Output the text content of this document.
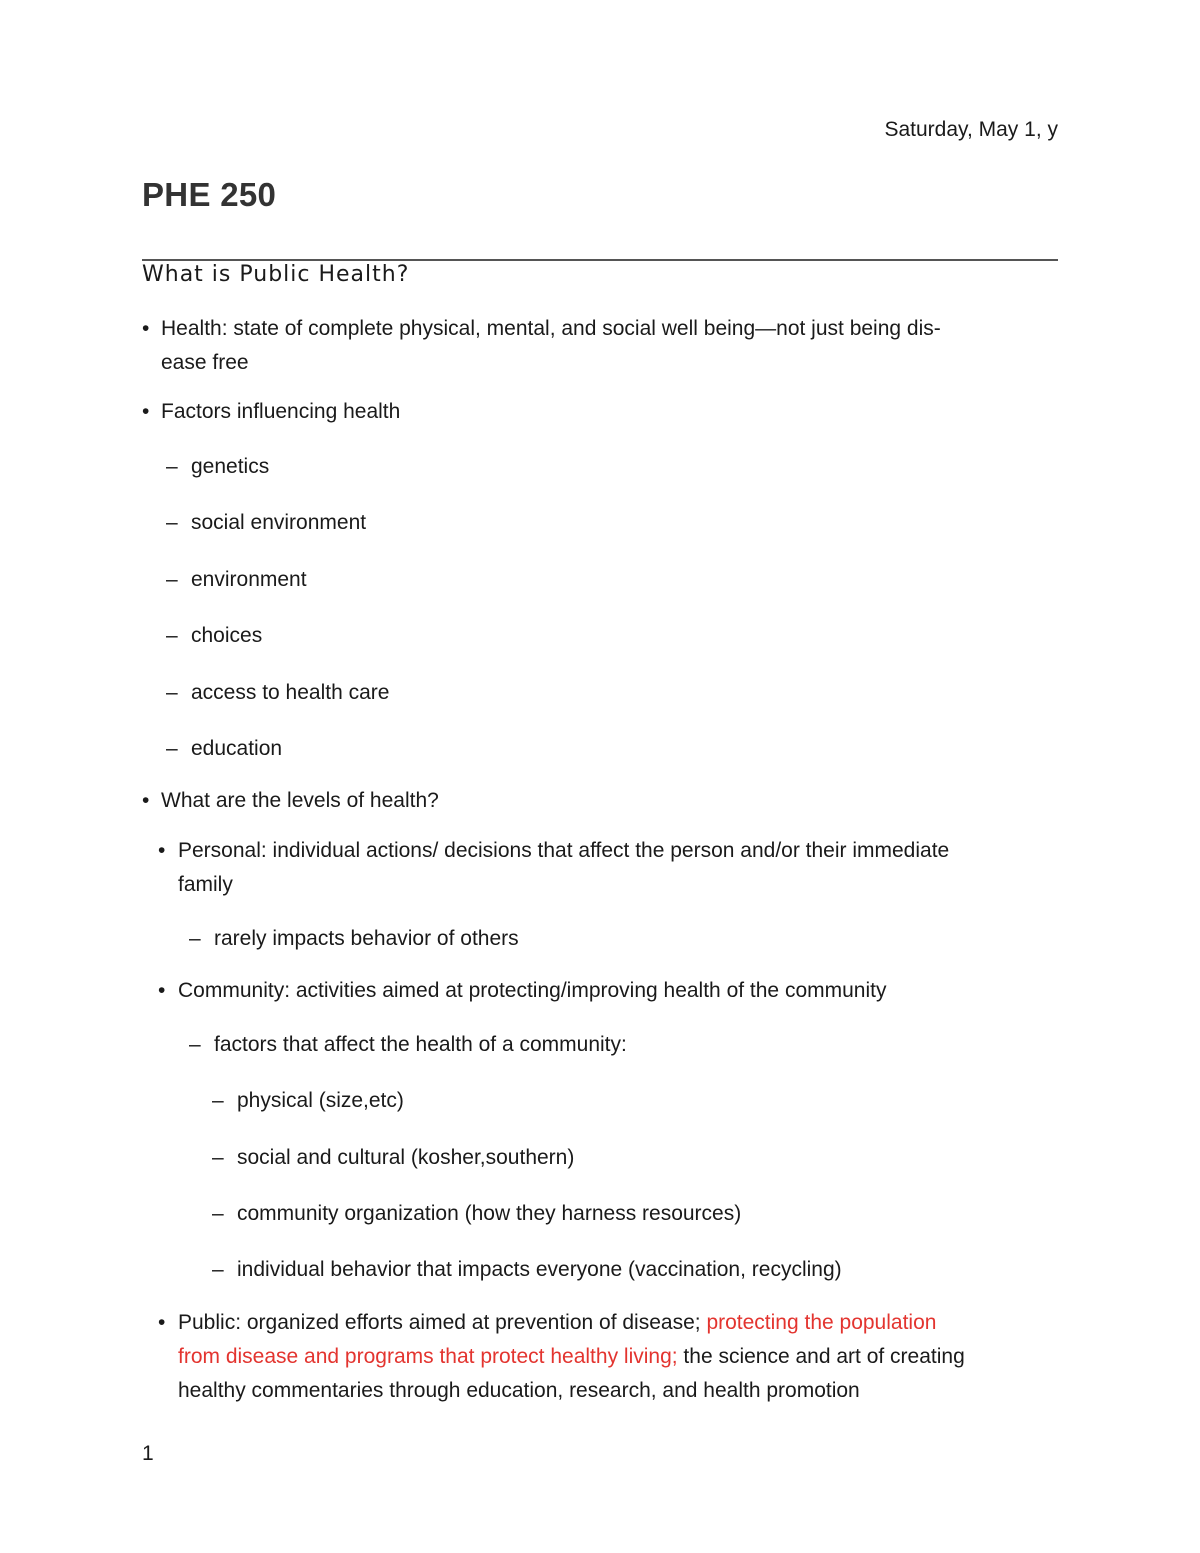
Saturday, May 1, y
PHE 250
What is Public Health?
• Health: state of complete physical, mental, and social well being—not just being dis-
ease free
• Factors influencing health
– genetics
– social environment
– environment
– choices
– access to health care
– education
• What are the levels of health?
• Personal: individual actions/ decisions that affect the person and/or their immediate
family
– rarely impacts behavior of others
• Community: activities aimed at protecting/improving health of the community
– factors that affect the health of a community:
– physical (size,etc)
– social and cultural (kosher,southern)
– community organization (how they harness resources)
– individual behavior that impacts everyone (vaccination, recycling)
• Public: organized efforts aimed at prevention of disease; protecting the population
from disease and programs that protect healthy living; the science and art of creating
healthy commentaries through education, research, and health promotion
1
